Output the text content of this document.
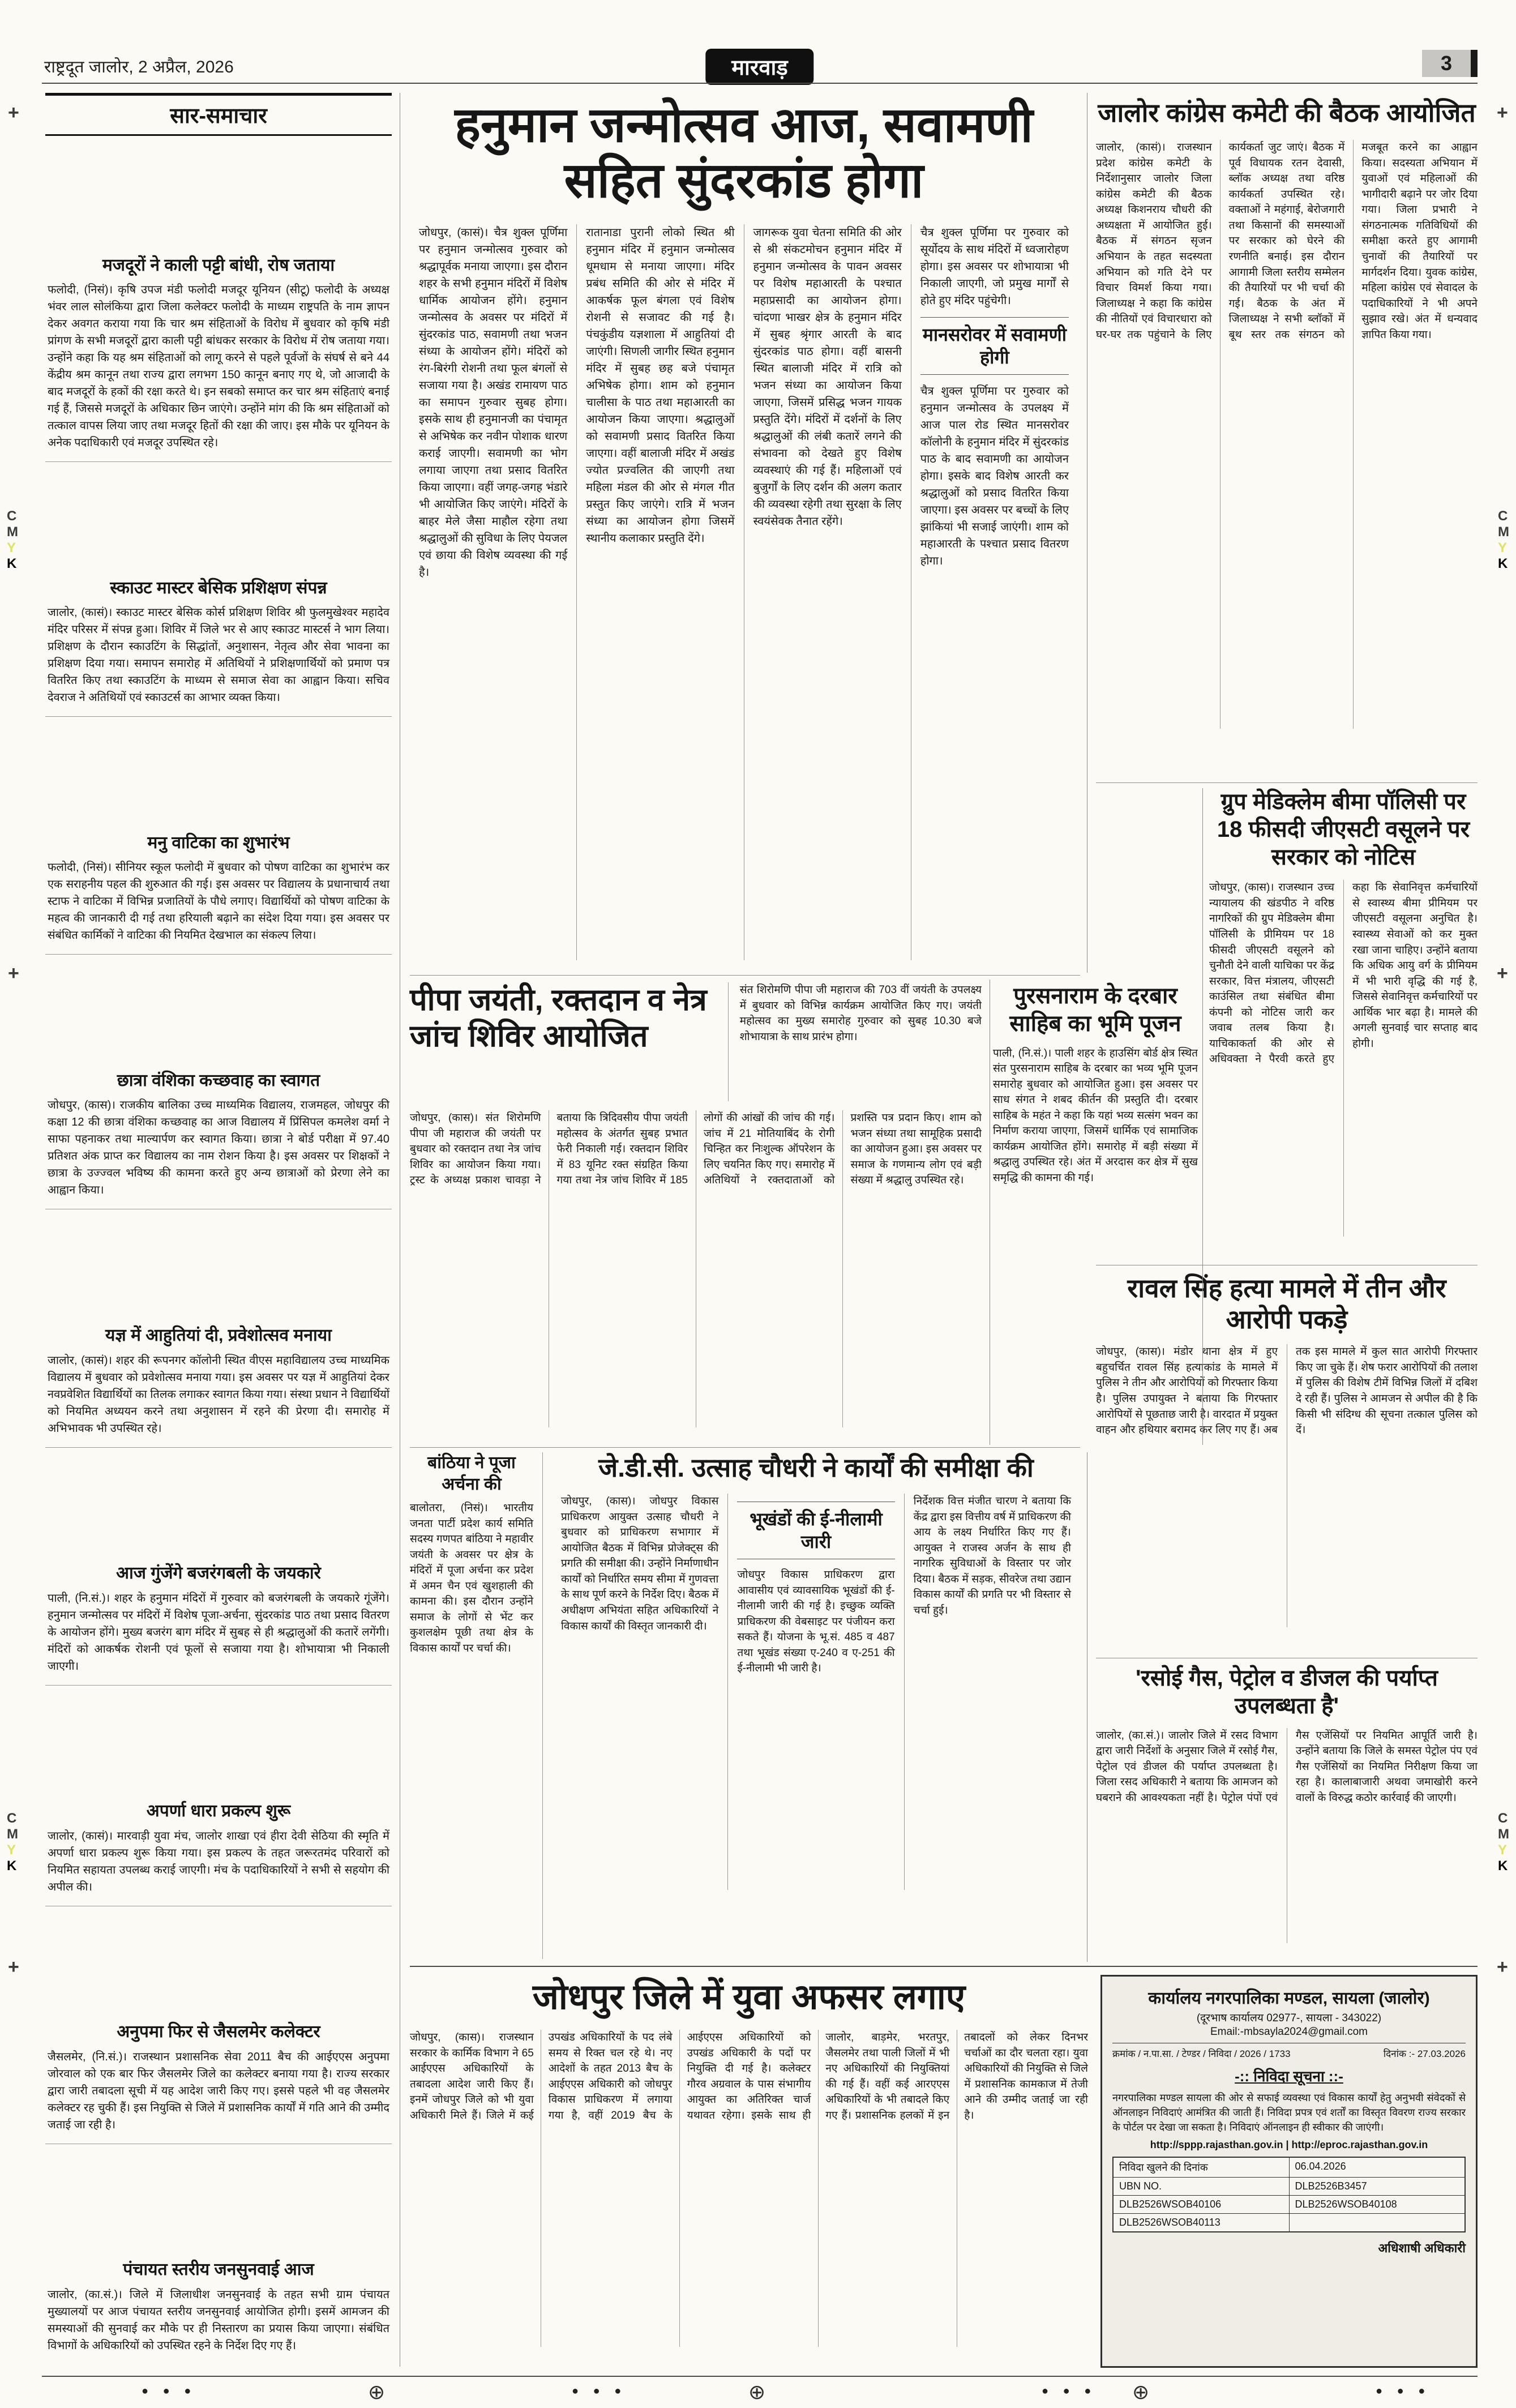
राष्ट्रदूत जालोर, 2 अप्रैल, 2026	मारवाड़	3
सार-समाचार
मजदूरों ने काली पट्टी बांधी, रोष जताया

फलोदी, (निसं)। कृषि उपज मंडी फलोदी मजदूर यूनियन (सीटू) फलोदी के अध्यक्ष भंवर लाल सोलंकिया द्वारा जिला कलेक्टर फलोदी के माध्यम राष्ट्रपति के नाम ज्ञापन देकर अवगत कराया गया कि चार श्रम संहिताओं के विरोध में बुधवार को कृषि मंडी प्रांगण के सभी मजदूरों द्वारा काली पट्टी बांधकर सरकार के विरोध में रोष जताया गया। उन्होंने कहा कि यह श्रम संहिताओं को लागू करने से पहले पूर्वजों के संघर्ष से बने 44 केंद्रीय श्रम कानून तथा राज्य द्वारा लगभग 150 कानून बनाए गए थे, जो आजादी के बाद मजदूरों के हकों की रक्षा करते थे। इन सबको समाप्त कर चार श्रम संहिताएं बनाई गई हैं, जिससे मजदूरों के अधिकार छिन जाएंगे। उन्होंने मांग की कि श्रम संहिताओं को तत्काल वापस लिया जाए तथा मजदूर हितों की रक्षा की जाए। इस मौके पर यूनियन के अनेक पदाधिकारी एवं मजदूर उपस्थित रहे।

स्काउट मास्टर बेसिक प्रशिक्षण संपन्न

जालोर, (कासं)। स्काउट मास्टर बेसिक कोर्स प्रशिक्षण शिविर श्री फुलमुखेश्वर महादेव मंदिर परिसर में संपन्न हुआ। शिविर में जिले भर से आए स्काउट मास्टर्स ने भाग लिया। प्रशिक्षण के दौरान स्काउटिंग के सिद्धांतों, अनुशासन, नेतृत्व और सेवा भावना का प्रशिक्षण दिया गया। समापन समारोह में अतिथियों ने प्रशिक्षणार्थियों को प्रमाण पत्र वितरित किए तथा स्काउटिंग के माध्यम से समाज सेवा का आह्वान किया। सचिव देवराज ने अतिथियों एवं स्काउटर्स का आभार व्यक्त किया।

मनु वाटिका का शुभारंभ

फलोदी, (निसं)। सीनियर स्कूल फलोदी में बुधवार को पोषण वाटिका का शुभारंभ कर एक सराहनीय पहल की शुरुआत की गई। इस अवसर पर विद्यालय के प्रधानाचार्य तथा स्टाफ ने वाटिका में विभिन्न प्रजातियों के पौधे लगाए। विद्यार्थियों को पोषण वाटिका के महत्व की जानकारी दी गई तथा हरियाली बढ़ाने का संदेश दिया गया। इस अवसर पर संबंधित कार्मिकों ने वाटिका की नियमित देखभाल का संकल्प लिया।

छात्रा वंशिका कच्छवाह का स्वागत

जोधपुर, (कास)। राजकीय बालिका उच्च माध्यमिक विद्यालय, राजमहल, जोधपुर की कक्षा 12 की छात्रा वंशिका कच्छवाह का आज विद्यालय में प्रिंसिपल कमलेश वर्मा ने साफा पहनाकर तथा माल्यार्पण कर स्वागत किया। छात्रा ने बोर्ड परीक्षा में 97.40 प्रतिशत अंक प्राप्त कर विद्यालय का नाम रोशन किया है। इस अवसर पर शिक्षकों ने छात्रा के उज्ज्वल भविष्य की कामना करते हुए अन्य छात्राओं को प्रेरणा लेने का आह्वान किया।

यज्ञ में आहुतियां दी, प्रवेशोत्सव मनाया

जालोर, (कासं)। शहर की रूपनगर कॉलोनी स्थित वीएस महाविद्यालय उच्च माध्यमिक विद्यालय में बुधवार को प्रवेशोत्सव मनाया गया। इस अवसर पर यज्ञ में आहुतियां देकर नवप्रवेशित विद्यार्थियों का तिलक लगाकर स्वागत किया गया। संस्था प्रधान ने विद्यार्थियों को नियमित अध्ययन करने तथा अनुशासन में रहने की प्रेरणा दी। समारोह में अभिभावक भी उपस्थित रहे।

आज गुंजेंगे बजरंगबली के जयकारे

पाली, (नि.सं.)। शहर के हनुमान मंदिरों में गुरुवार को बजरंगबली के जयकारे गूंजेंगे। हनुमान जन्मोत्सव पर मंदिरों में विशेष पूजा-अर्चना, सुंदरकांड पाठ तथा प्रसाद वितरण के आयोजन होंगे। मुख्य बजरंग बाग मंदिर में सुबह से ही श्रद्धालुओं की कतारें लगेंगी। मंदिरों को आकर्षक रोशनी एवं फूलों से सजाया गया है। शोभायात्रा भी निकाली जाएगी।

अपर्णा धारा प्रकल्प शुरू

जालोर, (कासं)। मारवाड़ी युवा मंच, जालोर शाखा एवं हीरा देवी सेठिया की स्मृति में अपर्णा धारा प्रकल्प शुरू किया गया। इस प्रकल्प के तहत जरूरतमंद परिवारों को नियमित सहायता उपलब्ध कराई जाएगी। मंच के पदाधिकारियों ने सभी से सहयोग की अपील की।

अनुपमा फिर से जैसलमेर कलेक्टर

जैसलमेर, (नि.सं.)। राजस्थान प्रशासनिक सेवा 2011 बैच की आईएएस अनुपमा जोरवाल को एक बार फिर जैसलमेर जिले का कलेक्टर बनाया गया है। राज्य सरकार द्वारा जारी तबादला सूची में यह आदेश जारी किए गए। इससे पहले भी वह जैसलमेर कलेक्टर रह चुकी हैं। इस नियुक्ति से जिले में प्रशासनिक कार्यों में गति आने की उम्मीद जताई जा रही है।

पंचायत स्तरीय जनसुनवाई आज

जालोर, (का.सं.)। जिले में जिलाधीश जनसुनवाई के तहत सभी ग्राम पंचायत मुख्यालयों पर आज पंचायत स्तरीय जनसुनवाई आयोजित होगी। इसमें आमजन की समस्याओं की सुनवाई कर मौके पर ही निस्तारण का प्रयास किया जाएगा। संबंधित विभागों के अधिकारियों को उपस्थित रहने के निर्देश दिए गए हैं।

हनुमान जन्मोत्सव आज, सवामणी सहित सुंदरकांड होगा

जोधपुर, (कासं)। चैत्र शुक्ल पूर्णिमा पर हनुमान जन्मोत्सव गुरुवार को श्रद्धापूर्वक मनाया जाएगा। इस दौरान शहर के सभी हनुमान मंदिरों में विशेष धार्मिक आयोजन होंगे। हनुमान जन्मोत्सव के अवसर पर मंदिरों में सुंदरकांड पाठ, सवामणी तथा भजन संध्या के आयोजन होंगे। मंदिरों को रंग-बिरंगी रोशनी तथा फूल बंगलों से सजाया गया है। अखंड रामायण पाठ का समापन गुरुवार सुबह होगा। इसके साथ ही हनुमानजी का पंचामृत से अभिषेक कर नवीन पोशाक धारण कराई जाएगी। सवामणी का भोग लगाया जाएगा तथा प्रसाद वितरित किया जाएगा। वहीं जगह-जगह भंडारे भी आयोजित किए जाएंगे। मंदिरों के बाहर मेले जैसा माहौल रहेगा तथा श्रद्धालुओं की सुविधा के लिए पेयजल एवं छाया की विशेष व्यवस्था की गई है।

रातानाडा पुरानी लोको स्थित श्री हनुमान मंदिर में हनुमान जन्मोत्सव धूमधाम से मनाया जाएगा। मंदिर प्रबंध समिति की ओर से मंदिर में आकर्षक फूल बंगला एवं विशेष रोशनी से सजावट की गई है। पंचकुंडीय यज्ञशाला में आहुतियां दी जाएंगी। सिणली जागीर स्थित हनुमान मंदिर में सुबह छह बजे पंचामृत अभिषेक होगा। शाम को हनुमान चालीसा के पाठ तथा महाआरती का आयोजन किया जाएगा। श्रद्धालुओं को सवामणी प्रसाद वितरित किया जाएगा। वहीं बालाजी मंदिर में अखंड ज्योत प्रज्वलित की जाएगी तथा महिला मंडल की ओर से मंगल गीत प्रस्तुत किए जाएंगे। रात्रि में भजन संध्या का आयोजन होगा जिसमें स्थानीय कलाकार प्रस्तुति देंगे।

जागरूक युवा चेतना समिति की ओर से श्री संकटमोचन हनुमान मंदिर में हनुमान जन्मोत्सव के पावन अवसर पर विशेष महाआरती के पश्चात महाप्रसादी का आयोजन होगा। चांदणा भाखर क्षेत्र के हनुमान मंदिर में सुबह श्रृंगार आरती के बाद सुंदरकांड पाठ होगा। वहीं बासनी स्थित बालाजी मंदिर में रात्रि को भजन संध्या का आयोजन किया जाएगा, जिसमें प्रसिद्ध भजन गायक प्रस्तुति देंगे। मंदिरों में दर्शनों के लिए श्रद्धालुओं की लंबी कतारें लगने की संभावना को देखते हुए विशेष व्यवस्थाएं की गई हैं। महिलाओं एवं बुजुर्गों के लिए दर्शन की अलग कतार की व्यवस्था रहेगी तथा सुरक्षा के लिए स्वयंसेवक तैनात रहेंगे।

चैत्र शुक्ल पूर्णिमा पर गुरुवार को सूर्योदय के साथ मंदिरों में ध्वजारोहण होगा। इस अवसर पर शोभायात्रा भी निकाली जाएगी, जो प्रमुख मार्गों से होते हुए मंदिर पहुंचेगी।

मानसरोवर में सवामणी होगी

चैत्र शुक्ल पूर्णिमा पर गुरुवार को हनुमान जन्मोत्सव के उपलक्ष्य में आज पाल रोड स्थित मानसरोवर कॉलोनी के हनुमान मंदिर में सुंदरकांड पाठ के बाद सवामणी का आयोजन होगा। इसके बाद विशेष आरती कर श्रद्धालुओं को प्रसाद वितरित किया जाएगा। इस अवसर पर बच्चों के लिए झांकियां भी सजाई जाएंगी। शाम को महाआरती के पश्चात प्रसाद वितरण होगा।

जालोर कांग्रेस कमेटी की बैठक आयोजित

जालोर, (कासं)। राजस्थान प्रदेश कांग्रेस कमेटी के निर्देशानुसार जालोर जिला कांग्रेस कमेटी की बैठक अध्यक्ष किशनराय चौधरी की अध्यक्षता में आयोजित हुई। बैठक में संगठन सृजन अभियान के तहत सदस्यता अभियान को गति देने पर विचार विमर्श किया गया। जिलाध्यक्ष ने कहा कि कांग्रेस की नीतियों एवं विचारधारा को घर-घर तक पहुंचाने के लिए कार्यकर्ता जुट जाएं। बैठक में पूर्व विधायक रतन देवासी, ब्लॉक अध्यक्ष तथा वरिष्ठ कार्यकर्ता उपस्थित रहे। वक्ताओं ने महंगाई, बेरोजगारी तथा किसानों की समस्याओं पर सरकार को घेरने की रणनीति बनाई। इस दौरान आगामी जिला स्तरीय सम्मेलन की तैयारियों पर भी चर्चा की गई। बैठक के अंत में जिलाध्यक्ष ने सभी ब्लॉकों में बूथ स्तर तक संगठन को मजबूत करने का आह्वान किया। सदस्यता अभियान में युवाओं एवं महिलाओं की भागीदारी बढ़ाने पर जोर दिया गया। जिला प्रभारी ने संगठनात्मक गतिविधियों की समीक्षा करते हुए आगामी चुनावों की तैयारियों पर मार्गदर्शन दिया। युवक कांग्रेस, महिला कांग्रेस एवं सेवादल के पदाधिकारियों ने भी अपने सुझाव रखे। अंत में धन्यवाद ज्ञापित किया गया।

ग्रुप मेडिक्लेम बीमा पॉलिसी पर 18 फीसदी जीएसटी वसूलने पर सरकार को नोटिस

जोधपुर, (कास)। राजस्थान उच्च न्यायालय की खंडपीठ ने वरिष्ठ नागरिकों की ग्रुप मेडिक्लेम बीमा पॉलिसी के प्रीमियम पर 18 फीसदी जीएसटी वसूलने को चुनौती देने वाली याचिका पर केंद्र सरकार, वित्त मंत्रालय, जीएसटी काउंसिल तथा संबंधित बीमा कंपनी को नोटिस जारी कर जवाब तलब किया है। याचिकाकर्ता की ओर से अधिवक्ता ने पैरवी करते हुए कहा कि सेवानिवृत्त कर्मचारियों से स्वास्थ्य बीमा प्रीमियम पर जीएसटी वसूलना अनुचित है। स्वास्थ्य सेवाओं को कर मुक्त रखा जाना चाहिए। उन्होंने बताया कि अधिक आयु वर्ग के प्रीमियम में भी भारी वृद्धि की गई है, जिससे सेवानिवृत्त कर्मचारियों पर आर्थिक भार बढ़ा है। मामले की अगली सुनवाई चार सप्ताह बाद होगी।

पुरसनाराम के दरबार साहिब का भूमि पूजन

पाली, (नि.सं.)। पाली शहर के हाउसिंग बोर्ड क्षेत्र स्थित संत पुरसनाराम साहिब के दरबार का भव्य भूमि पूजन समारोह बुधवार को आयोजित हुआ। इस अवसर पर साध संगत ने शबद कीर्तन की प्रस्तुति दी। दरबार साहिब के महंत ने कहा कि यहां भव्य सत्संग भवन का निर्माण कराया जाएगा, जिसमें धार्मिक एवं सामाजिक कार्यक्रम आयोजित होंगे। समारोह में बड़ी संख्या में श्रद्धालु उपस्थित रहे। अंत में अरदास कर क्षेत्र में सुख समृद्धि की कामना की गई।

पीपा जयंती, रक्तदान व नेत्र जांच शिविर आयोजित

संत शिरोमणि पीपा जी महाराज की 703 वीं जयंती के उपलक्ष्य में बुधवार को विभिन्न कार्यक्रम आयोजित किए गए। जयंती महोत्सव का मुख्य समारोह गुरुवार को सुबह 10.30 बजे शोभायात्रा के साथ प्रारंभ होगा।

जोधपुर, (कास)। संत शिरोमणि पीपा जी महाराज की जयंती पर बुधवार को रक्तदान तथा नेत्र जांच शिविर का आयोजन किया गया। ट्रस्ट के अध्यक्ष प्रकाश चावड़ा ने बताया कि त्रिदिवसीय पीपा जयंती महोत्सव के अंतर्गत सुबह प्रभात फेरी निकाली गई। रक्तदान शिविर में 83 यूनिट रक्त संग्रहित किया गया तथा नेत्र जांच शिविर में 185 लोगों की आंखों की जांच की गई। जांच में 21 मोतियाबिंद के रोगी चिन्हित कर निःशुल्क ऑपरेशन के लिए चयनित किए गए। समारोह में अतिथियों ने रक्तदाताओं को प्रशस्ति पत्र प्रदान किए। शाम को भजन संध्या तथा सामूहिक प्रसादी का आयोजन हुआ। इस अवसर पर समाज के गणमान्य लोग एवं बड़ी संख्या में श्रद्धालु उपस्थित रहे।

रावल सिंह हत्या मामले में तीन और आरोपी पकड़े

जोधपुर, (कास)। मंडोर थाना क्षेत्र में हुए बहुचर्चित रावल सिंह हत्याकांड के मामले में पुलिस ने तीन और आरोपियों को गिरफ्तार किया है। पुलिस उपायुक्त ने बताया कि गिरफ्तार आरोपियों से पूछताछ जारी है। वारदात में प्रयुक्त वाहन और हथियार बरामद कर लिए गए हैं। अब तक इस मामले में कुल सात आरोपी गिरफ्तार किए जा चुके हैं। शेष फरार आरोपियों की तलाश में पुलिस की विशेष टीमें विभिन्न जिलों में दबिश दे रही हैं। पुलिस ने आमजन से अपील की है कि किसी भी संदिग्ध की सूचना तत्काल पुलिस को दें।

'रसोई गैस, पेट्रोल व डीजल की पर्याप्त उपलब्धता है'

जालोर, (का.सं.)। जालोर जिले में रसद विभाग द्वारा जारी निर्देशों के अनुसार जिले में रसोई गैस, पेट्रोल एवं डीजल की पर्याप्त उपलब्धता है। जिला रसद अधिकारी ने बताया कि आमजन को घबराने की आवश्यकता नहीं है। पेट्रोल पंपों एवं गैस एजेंसियों पर नियमित आपूर्ति जारी है। उन्होंने बताया कि जिले के समस्त पेट्रोल पंप एवं गैस एजेंसियों का नियमित निरीक्षण किया जा रहा है। कालाबाजारी अथवा जमाखोरी करने वालों के विरुद्ध कठोर कार्रवाई की जाएगी।

बांठिया ने पूजा अर्चना की

बालोतरा, (निसं)। भारतीय जनता पार्टी प्रदेश कार्य समिति सदस्य गणपत बांठिया ने महावीर जयंती के अवसर पर क्षेत्र के मंदिरों में पूजा अर्चना कर प्रदेश में अमन चैन एवं खुशहाली की कामना की। इस दौरान उन्होंने समाज के लोगों से भेंट कर कुशलक्षेम पूछी तथा क्षेत्र के विकास कार्यों पर चर्चा की।

जे.डी.सी. उत्साह चौधरी ने कार्यों की समीक्षा की

जोधपुर, (कास)। जोधपुर विकास प्राधिकरण आयुक्त उत्साह चौधरी ने बुधवार को प्राधिकरण सभागार में आयोजित बैठक में विभिन्न प्रोजेक्ट्स की प्रगति की समीक्षा की। उन्होंने निर्माणाधीन कार्यों को निर्धारित समय सीमा में गुणवत्ता के साथ पूर्ण करने के निर्देश दिए। बैठक में अधीक्षण अभियंता सहित अधिकारियों ने विकास कार्यों की विस्तृत जानकारी दी।

भूखंडों की ई-नीलामी जारी

जोधपुर विकास प्राधिकरण द्वारा आवासीय एवं व्यावसायिक भूखंडों की ई-नीलामी जारी की गई है। इच्छुक व्यक्ति प्राधिकरण की वेबसाइट पर पंजीयन करा सकते हैं। योजना के भू.सं. 485 व 487 तथा भूखंड संख्या ए-240 व ए-251 की ई-नीलामी भी जारी है।

निर्देशक वित्त मंजीत चारण ने बताया कि केंद्र द्वारा इस वित्तीय वर्ष में प्राधिकरण की आय के लक्ष्य निर्धारित किए गए हैं। आयुक्त ने राजस्व अर्जन के साथ ही नागरिक सुविधाओं के विस्तार पर जोर दिया। बैठक में सड़क, सीवरेज तथा उद्यान विकास कार्यों की प्रगति पर भी विस्तार से चर्चा हुई।

जोधपुर जिले में युवा अफसर लगाए

जोधपुर, (कास)। राजस्थान सरकार के कार्मिक विभाग ने 65 आईएएस अधिकारियों के तबादला आदेश जारी किए हैं। इनमें जोधपुर जिले को भी युवा अधिकारी मिले हैं। जिले में कई उपखंड अधिकारियों के पद लंबे समय से रिक्त चल रहे थे। नए आदेशों के तहत 2013 बैच के आईएएस अधिकारी को जोधपुर विकास प्राधिकरण में लगाया गया है, वहीं 2019 बैच के आईएएस अधिकारियों को उपखंड अधिकारी के पदों पर नियुक्ति दी गई है। कलेक्टर गौरव अग्रवाल के पास संभागीय आयुक्त का अतिरिक्त चार्ज यथावत रहेगा। इसके साथ ही जालोर, बाड़मेर, भरतपुर, जैसलमेर तथा पाली जिलों में भी नए अधिकारियों की नियुक्तियां की गई हैं। वहीं कई आरएएस अधिकारियों के भी तबादले किए गए हैं। प्रशासनिक हलकों में इन तबादलों को लेकर दिनभर चर्चाओं का दौर चलता रहा। युवा अधिकारियों की नियुक्ति से जिले में प्रशासनिक कामकाज में तेजी आने की उम्मीद जताई जा रही है।

कार्यालय नगरपालिका मण्डल, सायला (जालोर)

(दूरभाष कार्यालय 02977-, सायला - 343022)

Email:-mbsayla2024@gmail.com

क्रमांक / न.पा.सा. / टेण्डर / निविदा / 2026 / 1733	दिनांक :- 27.03.2026

-:: निविदा सूचना ::-

नगरपालिका मण्डल सायला की ओर से सफाई व्यवस्था एवं विकास कार्यों हेतु अनुभवी संवेदकों से ऑनलाइन निविदाएं आमंत्रित की जाती हैं। निविदा प्रपत्र एवं शर्तों का विस्तृत विवरण राज्य सरकार के पोर्टल पर देखा जा सकता है। निविदाएं ऑनलाइन ही स्वीकार की जाएंगी।

http://sppp.rajasthan.gov.in | http://eproc.rajasthan.gov.in

निविदा खुलने की दिनांक	06.04.2026
UBN NO.	DLB2526B3457
DLB2526WSOB40106	DLB2526WSOB40108
DLB2526WSOB40113

अधिशाषी अधिकारी

+	+
+	+
+	+
C
M
Y
K
C
M
Y
K
C
M
Y
K
C
M
Y
K
● ● ●	● ● ●	● ● ●	● ● ●
⊕	⊕	⊕
